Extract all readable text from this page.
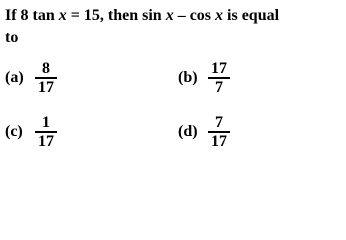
If 8 tan x = 15, then sin x – cos x is equal
to
(a)
8
17
(b)
17
7
(c)
1
17
(d)
7
17
